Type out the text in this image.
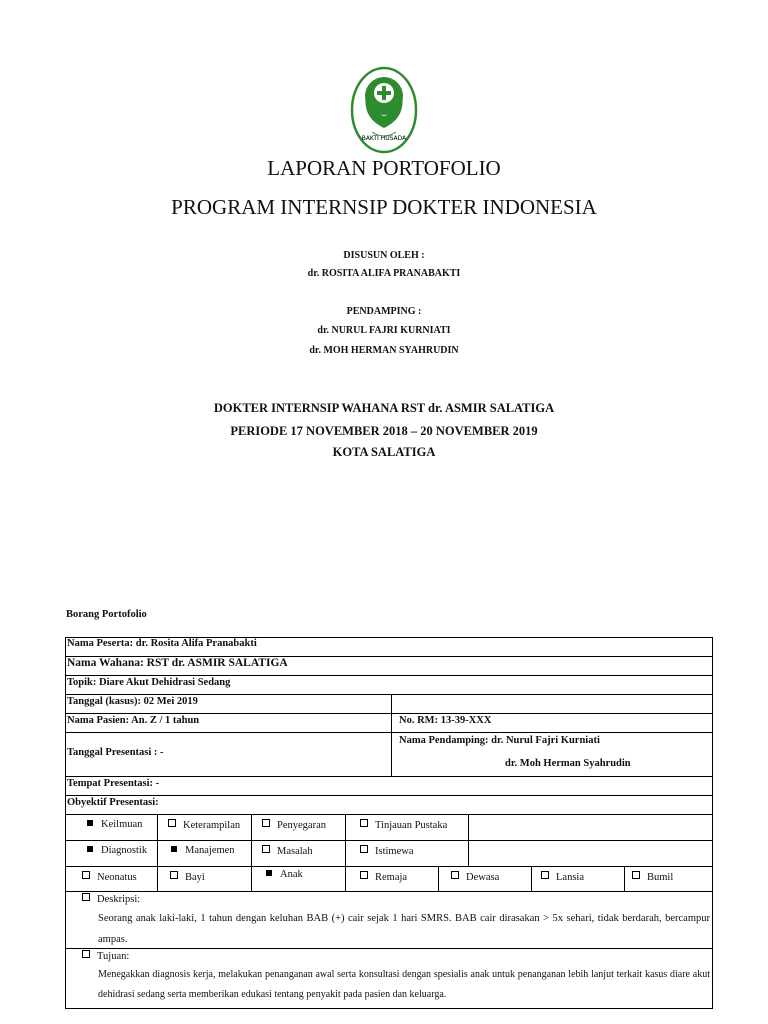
BAKTI HUSADA
LAPORAN PORTOFOLIO
PROGRAM INTERNSIP DOKTER INDONESIA
DISUSUN OLEH :
dr. ROSITA ALIFA PRANABAKTI
PENDAMPING :
dr. NURUL FAJRI KURNIATI
dr. MOH HERMAN SYAHRUDIN
DOKTER INTERNSIP WAHANA RST dr. ASMIR SALATIGA
PERIODE 17 NOVEMBER 2018 – 20 NOVEMBER 2019
KOTA SALATIGA
Borang Portofolio
Nama Peserta: dr. Rosita Alifa Pranabakti
Nama Wahana: RST dr. ASMIR SALATIGA
Topik: Diare Akut Dehidrasi Sedang
Tanggal (kasus): 02 Mei 2019
Nama Pasien: An. Z / 1 tahun	No. RM: 13-39-XXX
Tanggal Presentasi : -
Nama Pendamping: dr. Nurul Fajri Kurniati
dr. Moh Herman Syahrudin
Tempat Presentasi: -
Obyektif Presentasi:
Keilmuan	Keterampilan	Penyegaran	Tinjauan Pustaka
Diagnostik	Manajemen	Masalah	Istimewa
Neonatus	Bayi	Anak	Remaja	Dewasa	Lansia	Bumil
Deskripsi:
Seorang anak laki-laki, 1 tahun dengan keluhan BAB (+) cair sejak 1 hari SMRS. BAB cair dirasakan > 5x sehari, tidak berdarah, bercampur ampas.
Tujuan:
Menegakkan diagnosis kerja, melakukan penanganan awal serta konsultasi dengan spesialis anak untuk penanganan lebih lanjut terkait kasus diare akut dehidrasi sedang serta memberikan edukasi tentang penyakit pada pasien dan keluarga.
